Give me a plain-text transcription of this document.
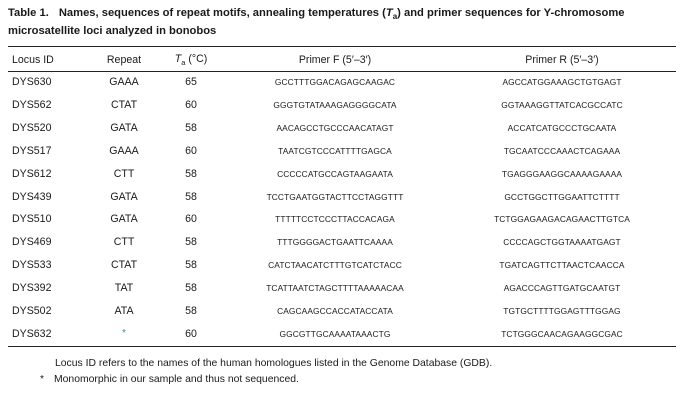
Table 1. Names, sequences of repeat motifs, annealing temperatures $(T_a)$ and primer sequences for Y-chromosome microsatellite loci analyzed in bonobos
Locus ID	Repeat	$T_a$ (°C)	Primer F (5′–3′)	Primer R (5′–3′)
DYS630	GAAA	65	GCCTTTGGACAGAGCAAGAC	AGCCATGGAAAGCTGTGAGT
DYS562	CTAT	60	GGGTGTATAAAGAGGGGCATA	GGTAAAGGTTATCACGCCATC
DYS520	GATA	58	AACAGCCTGCCCAACATAGT	ACCATCATGCCCTGCAATA
DYS517	GAAA	60	TAATCGTCCCATTTTGAGCA	TGCAATCCCAAACTCAGAAA
DYS612	CTT	58	CCCCCATGCCAGTAAGAATA	TGAGGGAAGGCAAAAGAAAA
DYS439	GATA	58	TCCTGAATGGTACTTCCTAGGTTT	GCCTGGCTTGGAATTCTTTT
DYS510	GATA	60	TTTTTCCTCCCTTACCACAGA	TCTGGAGAAGACAGAACTTGTCA
DYS469	CTT	58	TTTGGGGACTGAATTCAAAA	CCCCAGCTGGTAAAATGAGT
DYS533	CTAT	58	CATCTAACATCTTTGTCATCTACC	TGATCAGTTCTTAACTCAACCA
DYS392	TAT	58	TCATTAATCTAGCTTTTAAAAACAA	AGACCCAGTTGATGCAATGT
DYS502	ATA	58	CAGCAAGCCACCATACCATA	TGTGCTTTTGGAGTTTGGAG
DYS632	*	60	GGCGTTGCAAAATAAACTG	TCTGGGCAACAGAAGGCGAC
Locus ID refers to the names of the human homologues listed in the Genome Database (GDB).
* Monomorphic in our sample and thus not sequenced.
